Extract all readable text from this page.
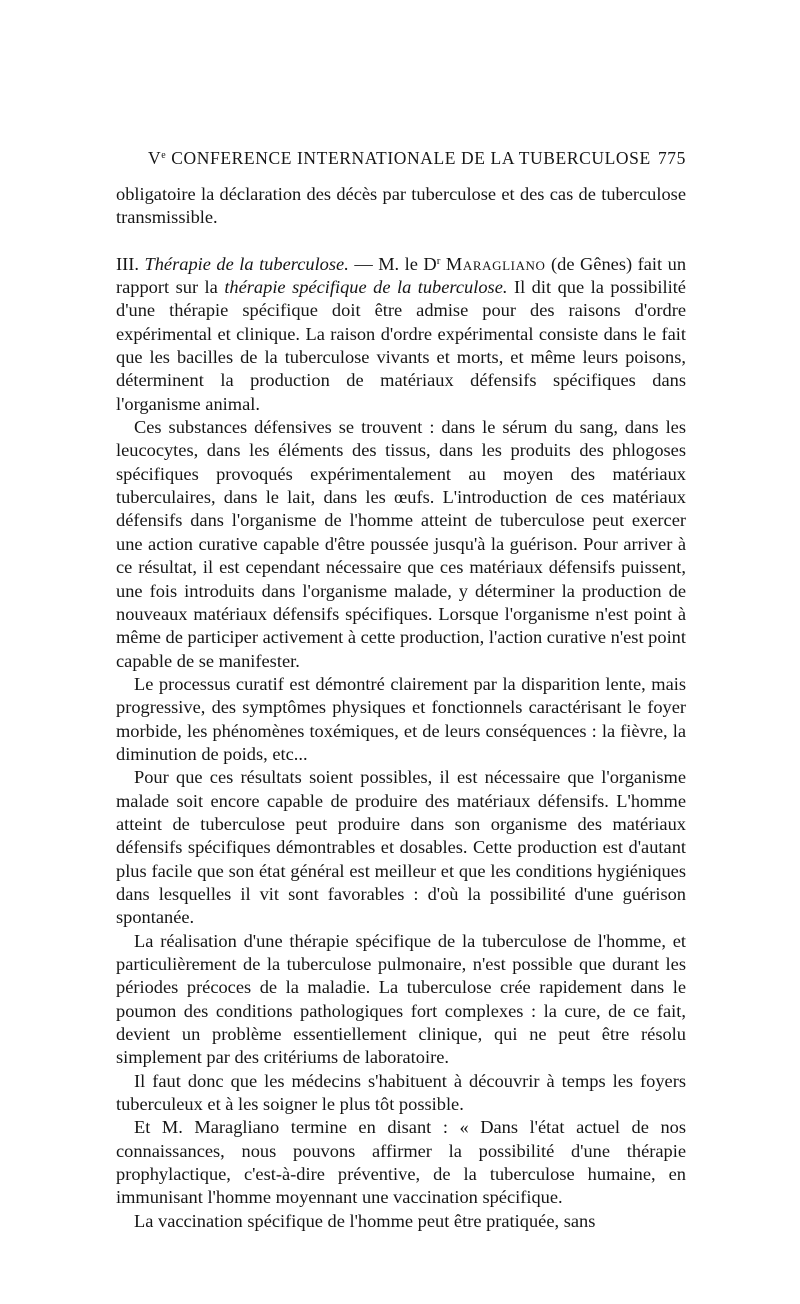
Ve CONFERENCE INTERNATIONALE DE LA TUBERCULOSE 775

obligatoire la déclaration des décès par tuberculose et des cas de tuberculose transmissible.

III. Thérapie de la tuberculose. — M. le $D^r$ Maragliano (de Gênes) fait un rapport sur la thérapie spécifique de la tuberculose. Il dit que la possibilité d'une thérapie spécifique doit être admise pour des raisons d'ordre expérimental et clinique. La raison d'ordre expérimental consiste dans le fait que les bacilles de la tuberculose vivants et morts, et même leurs poisons, déterminent la production de matériaux défensifs spécifiques dans l'organisme animal.

Ces substances défensives se trouvent : dans le sérum du sang, dans les leucocytes, dans les éléments des tissus, dans les produits des phlogoses spécifiques provoqués expérimentalement au moyen des matériaux tuberculaires, dans le lait, dans les œufs. L'introduction de ces matériaux défensifs dans l'organisme de l'homme atteint de tuberculose peut exercer une action curative capable d'être poussée jusqu'à la guérison. Pour arriver à ce résultat, il est cependant nécessaire que ces matériaux défensifs puissent, une fois introduits dans l'organisme malade, y déterminer la production de nouveaux matériaux défensifs spécifiques. Lorsque l'organisme n'est point à même de participer activement à cette production, l'action curative n'est point capable de se manifester.

Le processus curatif est démontré clairement par la disparition lente, mais progressive, des symptômes physiques et fonctionnels caractérisant le foyer morbide, les phénomènes toxémiques, et de leurs conséquences : la fièvre, la diminution de poids, etc...

Pour que ces résultats soient possibles, il est nécessaire que l'organisme malade soit encore capable de produire des matériaux défensifs. L'homme atteint de tuberculose peut produire dans son organisme des matériaux défensifs spécifiques démontrables et dosables. Cette production est d'autant plus facile que son état général est meilleur et que les conditions hygiéniques dans lesquelles il vit sont favorables : d'où la possibilité d'une guérison spontanée.

La réalisation d'une thérapie spécifique de la tuberculose de l'homme, et particulièrement de la tuberculose pulmonaire, n'est possible que durant les périodes précoces de la maladie. La tuberculose crée rapidement dans le poumon des conditions pathologiques fort complexes : la cure, de ce fait, devient un problème essentiellement clinique, qui ne peut être résolu simplement par des critériums de laboratoire.

Il faut donc que les médecins s'habituent à découvrir à temps les foyers tuberculeux et à les soigner le plus tôt possible.

Et M. Maragliano termine en disant : « Dans l'état actuel de nos connaissances, nous pouvons affirmer la possibilité d'une thérapie prophylactique, c'est-à-dire préventive, de la tuberculose humaine, en immunisant l'homme moyennant une vaccination spécifique.

La vaccination spécifique de l'homme peut être pratiquée, sans
